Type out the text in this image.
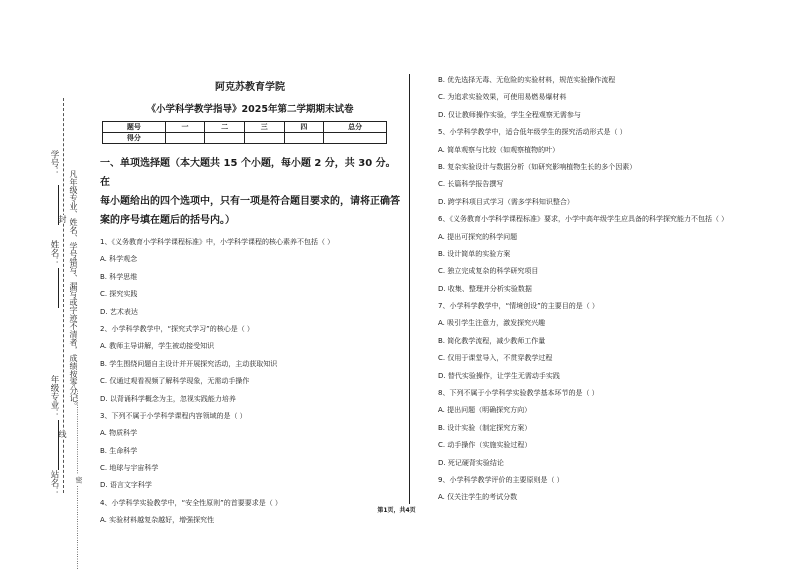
学号：
姓名：
年级专业：
站名：
凡年级专业、姓名、学号错写、漏写或字迹不清者，成绩按零分记。
……………………………… 密 ………………………………
封
线
阿克苏教育学院
《小学科学教学指导》2025年第二学期期末试卷
题号	一	二	三	四	总分
得分					
一、单项选择题（本大题共 15 个小题，每小题 2 分，共 30 分。在
每小题给出的四个选项中，只有一项是符合题目要求的，请将正确答
案的序号填在题后的括号内。）

1、《义务教育小学科学课程标准》中，小学科学课程的核心素养不包括（ ）

A. 科学观念

B. 科学思维

C. 探究实践

D. 艺术表达

2、小学科学教学中，“探究式学习”的核心是（ ）

A. 教师主导讲解，学生被动接受知识

B. 学生围绕问题自主设计并开展探究活动，主动获取知识

C. 仅通过观看视频了解科学现象，无需动手操作

D. 以背诵科学概念为主，忽视实践能力培养

3、下列不属于小学科学课程内容领域的是（ ）

A. 物质科学

B. 生命科学

C. 地球与宇宙科学

D. 语言文字科学

4、小学科学实验教学中，“安全性原则”的首要要求是（ ）

A. 实验材料越复杂越好，增强探究性

B. 优先选择无毒、无危险的实验材料，规范实验操作流程

C. 为追求实验效果，可使用易燃易爆材料

D. 仅让教师操作实验，学生全程观察无需参与

5、小学科学教学中，适合低年级学生的探究活动形式是（ ）

A. 简单观察与比较（如观察植物的叶）

B. 复杂实验设计与数据分析（如研究影响植物生长的多个因素）

C. 长篇科学报告撰写

D. 跨学科项目式学习（需多学科知识整合）

6、《义务教育小学科学课程标准》要求，小学中高年级学生应具备的科学探究能力不包括（ ）

A. 提出可探究的科学问题

B. 设计简单的实验方案

C. 独立完成复杂的科学研究项目

D. 收集、整理并分析实验数据

7、小学科学教学中，“情境创设”的主要目的是（ ）

A. 吸引学生注意力，激发探究兴趣

B. 简化教学流程，减少教师工作量

C. 仅用于课堂导入，不贯穿教学过程

D. 替代实验操作，让学生无需动手实践

8、下列不属于小学科学实验教学基本环节的是（ ）

A. 提出问题（明确探究方向）

B. 设计实验（制定探究方案）

C. 动手操作（实施实验过程）

D. 死记硬背实验结论

9、小学科学教学评价的主要原则是（ ）

A. 仅关注学生的考试分数

第1页，共4页
